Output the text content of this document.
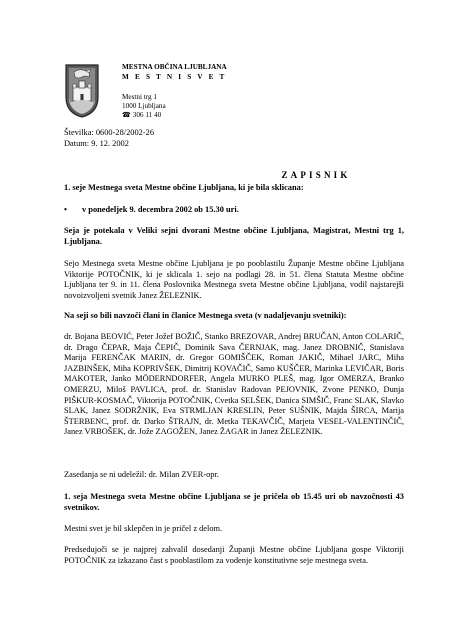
MESTNA OBČINA LJUBLJANA
M E S T N I S V E T
Mestni trg 1
1000 Ljubljana
☎ 306 11 40
Številka: 0600-28/2002-26
Datum: 9. 12. 2002
ZAPISNIK
1. seje Mestnega sveta Mestne občine Ljubljana, ki je bila sklicana:
• v ponedeljek 9. decembra 2002 ob 15.30 uri.
Seja je potekala v Veliki sejni dvorani Mestne občine Ljubljana, Magistrat, Mestni trg 1, Ljubljana.
Sejo Mestnega sveta Mestne občine Ljubljana je po pooblastilu Županje Mestne občine Ljubljana Viktorije POTOČNIK, ki je sklicala 1. sejo na podlagi 28. in 51. člena Statuta Mestne občine Ljubljana ter 9. in 11. člena Poslovnika Mestnega sveta Mestne občine Ljubljana, vodil najstarejši novoizvoljeni svetnik Janez ŽELEZNIK.
Na seji so bili navzoči člani in članice Mestnega sveta (v nadaljevanju svetniki):
dr. Bojana BEOVIĆ, Peter Jožef BOŽIČ, Stanko BREZOVAR, Andrej BRUČAN, Anton COLARIČ, dr. Drago ČEPAR, Maja ČEPIČ, Dominik Sava ČERNJAK, mag. Janez DROBNIČ, Stanislava Marija FERENČAK MARIN, dr. Gregor GOMIŠČEK, Roman JAKIČ, Mihael JARC, Miha JAZBINŠEK, Miha KOPRIVŠEK, Dimitrij KOVAČIČ, Samo KUŠČER, Marinka LEVIČAR, Boris MAKOTER, Janko MÖDERNDORFER, Angela MURKO PLEŠ, mag. Igor OMERZA, Branko OMERZU, Miloš PAVLICA, prof. dr. Stanislav Radovan PEJOVNIK, Zvone PENKO, Dunja PIŠKUR-KOSMAČ, Viktorija POTOČNIK, Cvetka SELŠEK, Danica SIMŠIČ, Franc SLAK, Slavko SLAK, Janez SODRŽNIK, Eva STRMLJAN KRESLIN, Peter SUŠNIK, Majda ŠIRCA, Marija ŠTERBENC, prof. dr. Darko ŠTRAJN, dr. Metka TEKAVČIČ, Marjeta VESEL-VALENTINČIČ, Janez VRBOŠEK, dr. Jože ZAGOŽEN, Janez ŽAGAR in Janez ŽELEZNIK.
Zasedanja se ni udeležil: dr. Milan ZVER-opr.
1. seja Mestnega sveta Mestne občine Ljubljana se je pričela ob 15.45 uri ob navzočnosti 43 svetnikov.
Mestni svet je bil sklepčen in je pričel z delom.
Predsedujoči se je najprej zahvalil dosedanji Županji Mestne občine Ljubljana gospe Viktoriji POTOČNIK za izkazano čast s pooblastilom za vodenje konstitutivne seje mestnega sveta.
